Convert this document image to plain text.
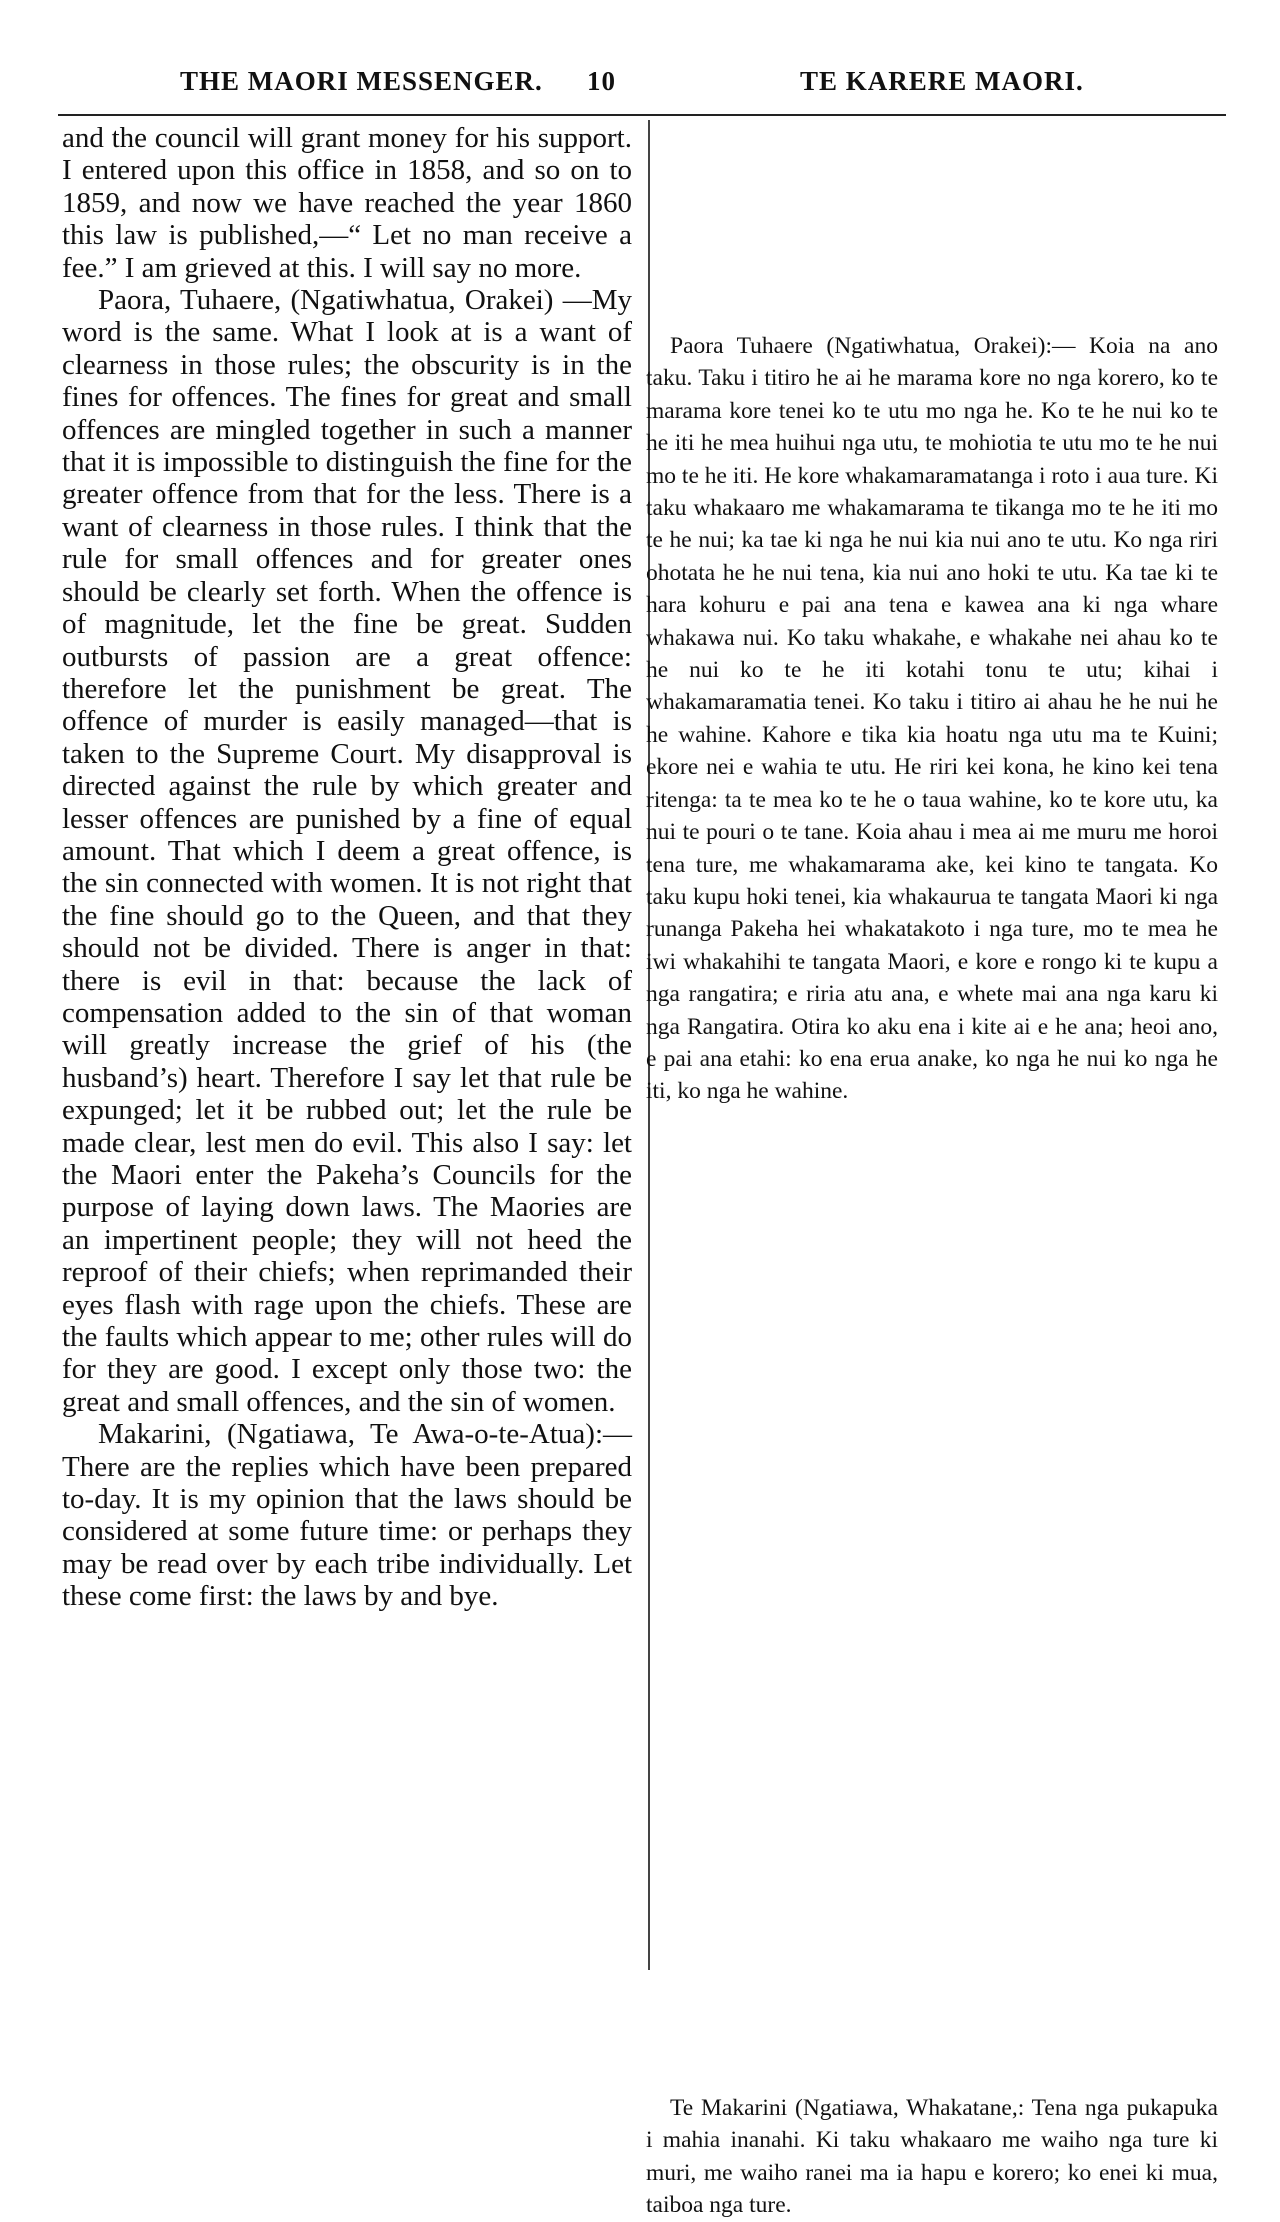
THE MAORI MESSENGER. 10	TE KARERE MAORI.

and the council will grant money for his support. I entered upon this office in 1858, and so on to 1859, and now we have reached the year 1860 this law is published,—“ Let no man receive a fee.” I am grieved at this. I will say no more.

Paora, Tuhaere, (Ngatiwhatua, Orakei) —My word is the same. What I look at is a want of clearness in those rules; the obscurity is in the fines for offences. The fines for great and small offences are mingled together in such a manner that it is impossible to distinguish the fine for the greater offence from that for the less. There is a want of clearness in those rules. I think that the rule for small offences and for greater ones should be clearly set forth. When the offence is of magnitude, let the fine be great. Sudden outbursts of passion are a great offence: therefore let the punishment be great. The offence of murder is easily managed—that is taken to the Supreme Court. My disapproval is directed against the rule by which greater and lesser offences are punished by a fine of equal amount. That which I deem a great offence, is the sin connected with women. It is not right that the fine should go to the Queen, and that they should not be divided. There is anger in that: there is evil in that: because the lack of compensation added to the sin of that woman will greatly increase the grief of his (the husband’s) heart. Therefore I say let that rule be expunged; let it be rubbed out; let the rule be made clear, lest men do evil. This also I say: let the Maori enter the Pakeha’s Councils for the purpose of laying down laws. The Maories are an impertinent people; they will not heed the reproof of their chiefs; when reprimanded their eyes flash with rage upon the chiefs. These are the faults which appear to me; other rules will do for they are good. I except only those two: the great and small offences, and the sin of women.

Makarini, (Ngatiawa, Te Awa-o-te-Atua):—There are the replies which have been prepared to-day. It is my opinion that the laws should be considered at some future time: or perhaps they may be read over by each tribe individually. Let these come first: the laws by and bye.

Paora Tuhaere (Ngatiwhatua, Orakei):— Koia na ano taku. Taku i titiro he ai he marama kore no nga korero, ko te marama kore tenei ko te utu mo nga he. Ko te he nui ko te he iti he mea huihui nga utu, te mohiotia te utu mo te he nui mo te he iti. He kore whakamaramatanga i roto i aua ture. Ki taku whakaaro me whakamarama te tikanga mo te he iti mo te he nui; ka tae ki nga he nui kia nui ano te utu. Ko nga riri ohotata he he nui tena, kia nui ano hoki te utu. Ka tae ki te hara kohuru e pai ana tena e kawea ana ki nga whare whakawa nui. Ko taku whakahe, e whakahe nei ahau ko te he nui ko te he iti kotahi tonu te utu; kihai i whakamaramatia tenei. Ko taku i titiro ai ahau he he nui he he wahine. Kahore e tika kia hoatu nga utu ma te Kuini; ekore nei e wahia te utu. He riri kei kona, he kino kei tena ritenga: ta te mea ko te he o taua wahine, ko te kore utu, ka nui te pouri o te tane. Koia ahau i mea ai me muru me horoi tena ture, me whakamarama ake, kei kino te tangata. Ko taku kupu hoki tenei, kia whakaurua te tangata Maori ki nga runanga Pakeha hei whakatakoto i nga ture, mo te mea he iwi whakahihi te tangata Maori, e kore e rongo ki te kupu a nga rangatira; e riria atu ana, e whete mai ana nga karu ki nga Rangatira. Otira ko aku ena i kite ai e he ana; heoi ano, e pai ana etahi: ko ena erua anake, ko nga he nui ko nga he iti, ko nga he wahine.

Te Makarini (Ngatiawa, Whakatane,: Tena nga pukapuka i mahia inanahi. Ki taku whakaaro me waiho nga ture ki muri, me waiho ranei ma ia hapu e korero; ko enei ki mua, taiboa nga ture.
